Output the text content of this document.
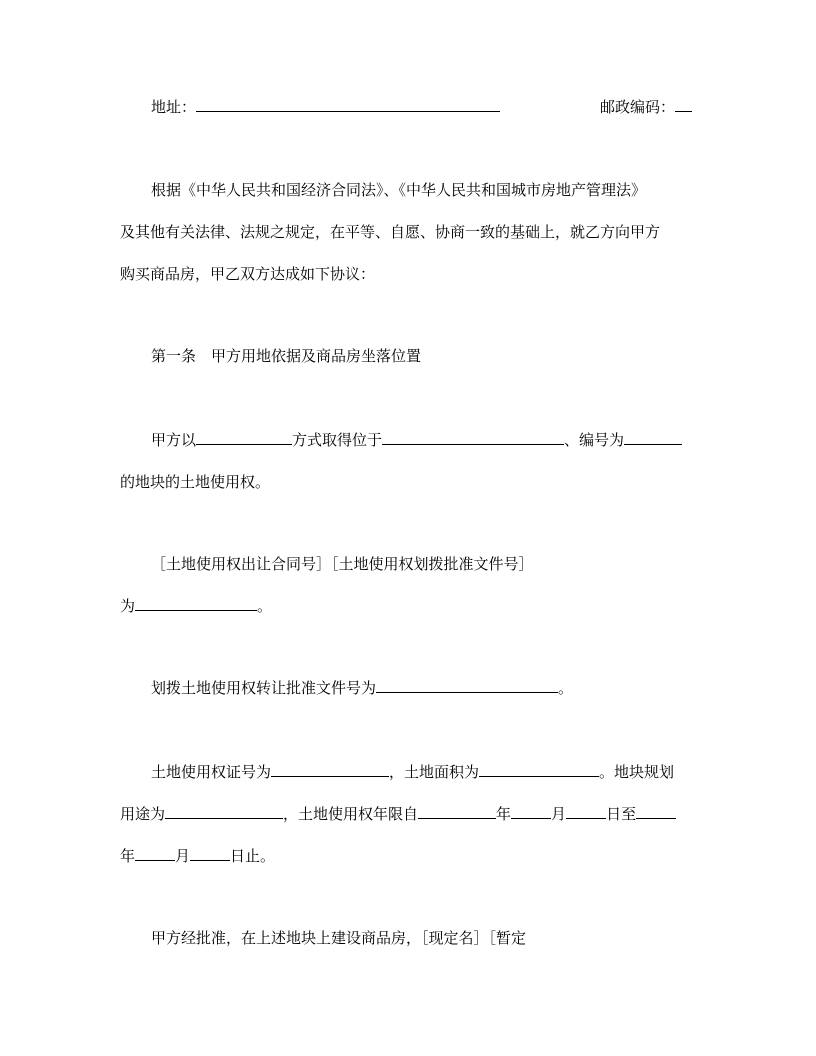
地址：	邮政编码：
根据《中华人民共和国经济合同法》、《中华人民共和国城市房地产管理法》
及其他有关法律、法规之规定，在平等、自愿、协商一致的基础上，就乙方向甲方
购买商品房，甲乙双方达成如下协议：
第一条　甲方用地依据及商品房坐落位置
甲方以	方式取得位于	、编号为
的地块的土地使用权。
［土地使用权出让合同号］［土地使用权划拨批准文件号］
为	。
划拨土地使用权转让批准文件号为	。
土地使用权证号为	，土地面积为	。地块规划
用途为	，土地使用权年限自	年	月	日至
年	月	日止。
甲方经批准，在上述地块上建设商品房，［现定名］［暂定
